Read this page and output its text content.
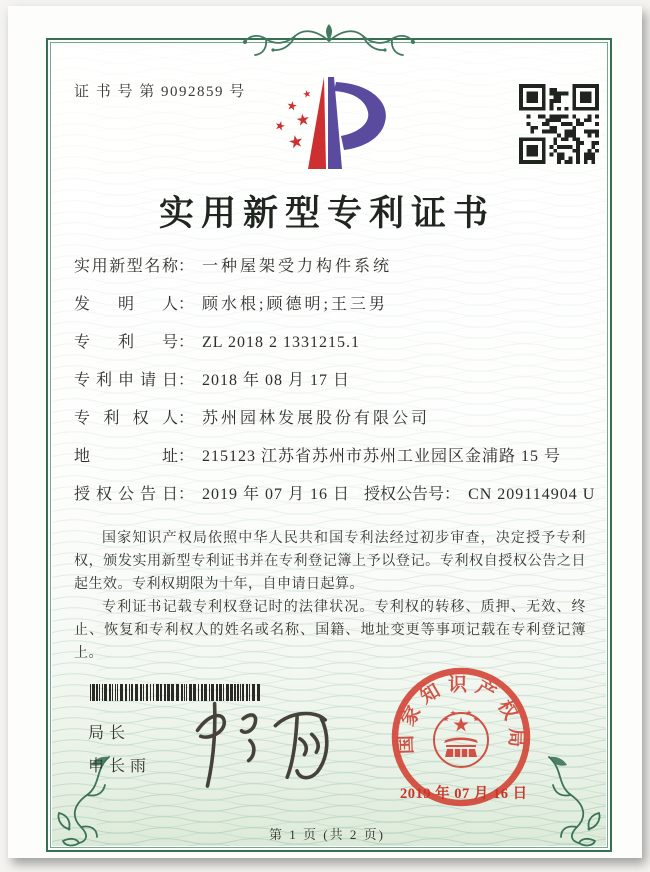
证 书 号 第 9092859 号
实用新型专利证书
实用新型名称： 一种屋架受力构件系统
发 明 人： 顾水根;顾德明;王三男
专 利 号： ZL 2018 2 1331215.1
专利申请日： 2018 年 08 月 17 日
专 利 权 人： 苏州园林发展股份有限公司
地 址： 215123 江苏省苏州市苏州工业园区金浦路 15 号
授权公告日： 2019 年 07 月 16 日 授权公告号： CN 209114904 U

国家知识产权局依照中华人民共和国专利法经过初步审查，决定授予专利权，颁发实用新型专利证书并在专利登记簿上予以登记。专利权自授权公告之日起生效。专利权期限为十年，自申请日起算。

专利证书记载专利权登记时的法律状况。专利权的转移、质押、无效、终止、恢复和专利权人的姓名或名称、国籍、地址变更等事项记载在专利登记簿上。

局长
申长雨
国家知识产权局
2019 年 07 月 16 日
第 1 页 (共 2 页)
